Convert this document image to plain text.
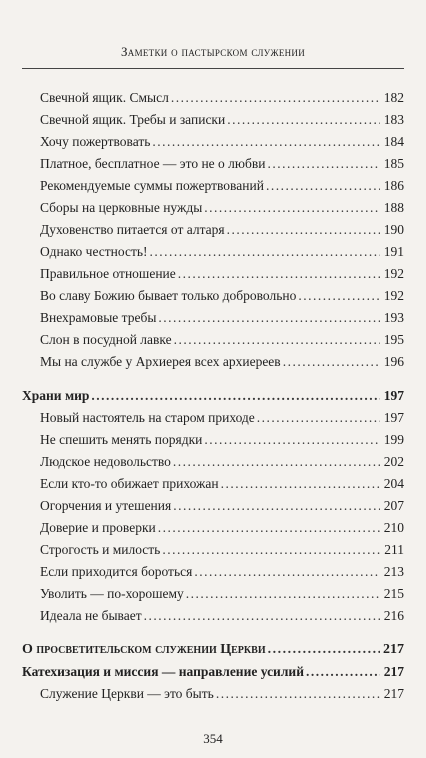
Заметки о пастырском служении
Свечной ящик. Смысл .....	182
Свечной ящик. Требы и записки .....	183
Хочу пожертвовать .....	184
Платное, бесплатное — это не о любви .....	185
Рекомендуемые суммы пожертвований .....	186
Сборы на церковные нужды .....	188
Духовенство питается от алтаря .....	190
Однако честность! .....	191
Правильное отношение .....	192
Во славу Божию бывает только добровольно .....	192
Внехрамовые требы .....	193
Слон в посудной лавке .....	195
Мы на службе у Архиерея всех архиереев .....	196
Храни мир .....	197
Новый настоятель на старом приходе .....	197
Не спешить менять порядки .....	199
Людское недовольство .....	202
Если кто-то обижает прихожан .....	204
Огорчения и утешения .....	207
Доверие и проверки .....	210
Строгость и милость .....	211
Если приходится бороться .....	213
Уволить — по-хорошему .....	215
Идеала не бывает .....	216
О просветительском служении Церкви .....	217
Катехизация и миссия — направление усилий .....	217
Служение Церкви — это быть .....	217
354
